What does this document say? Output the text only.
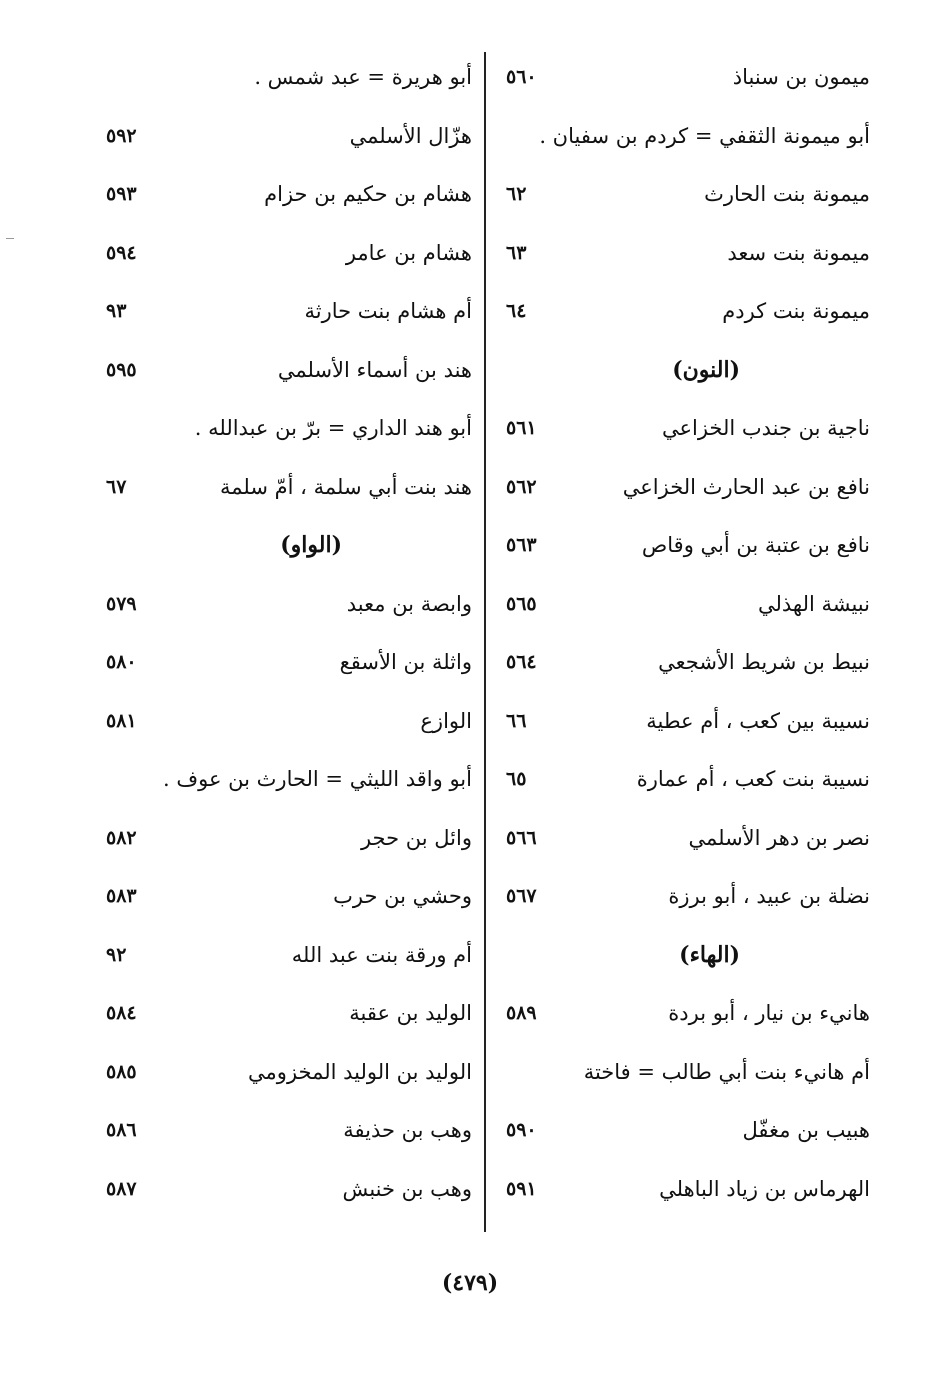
ميمون بن سنباذ
٥٦٠
أبو ميمونة الثقفي = كردم بن سفيان .
ميمونة بنت الحارث
٦٢
ميمونة بنت سعد
٦٣
ميمونة بنت كردم
٦٤
(النون)
ناجية بن جندب الخزاعي
٥٦١
نافع بن عبد الحارث الخزاعي
٥٦٢
نافع بن عتبة بن أبي وقاص
٥٦٣
نبيشة الهذلي
٥٦٥
نبيط بن شريط الأشجعي
٥٦٤
نسيبة بين كعب ، أم عطية
٦٦
نسيبة بنت كعب ، أم عمارة
٦٥
نصر بن دهر الأسلمي
٥٦٦
نضلة بن عبيد ، أبو برزة
٥٦٧
(الهاء)
هانيء بن نيار ، أبو بردة
٥٨٩
أم هانيء بنت أبي طالب = فاختة
هبيب بن مغفّل
٥٩٠
الهرماس بن زياد الباهلي
٥٩١
أبو هريرة = عبد شمس .
هزّال الأسلمي
٥٩٢
هشام بن حكيم بن حزام
٥٩٣
هشام بن عامر
٥٩٤
أم هشام بنت حارثة
٩٣
هند بن أسماء الأسلمي
٥٩٥
أبو هند الداري = برّ بن عبدالله .
هند بنت أبي سلمة ، أمّ سلمة
٦٧
(الواو)
وابصة بن معبد
٥٧٩
واثلة بن الأسقع
٥٨٠
الوازع
٥٨١
أبو واقد الليثي = الحارث بن عوف .
وائل بن حجر
٥٨٢
وحشي بن حرب
٥٨٣
أم ورقة بنت عبد الله
٩٢
الوليد بن عقبة
٥٨٤
الوليد بن الوليد المخزومي
٥٨٥
وهب بن حذيفة
٥٨٦
وهب بن خنبش
٥٨٧
(٤٧٩)
